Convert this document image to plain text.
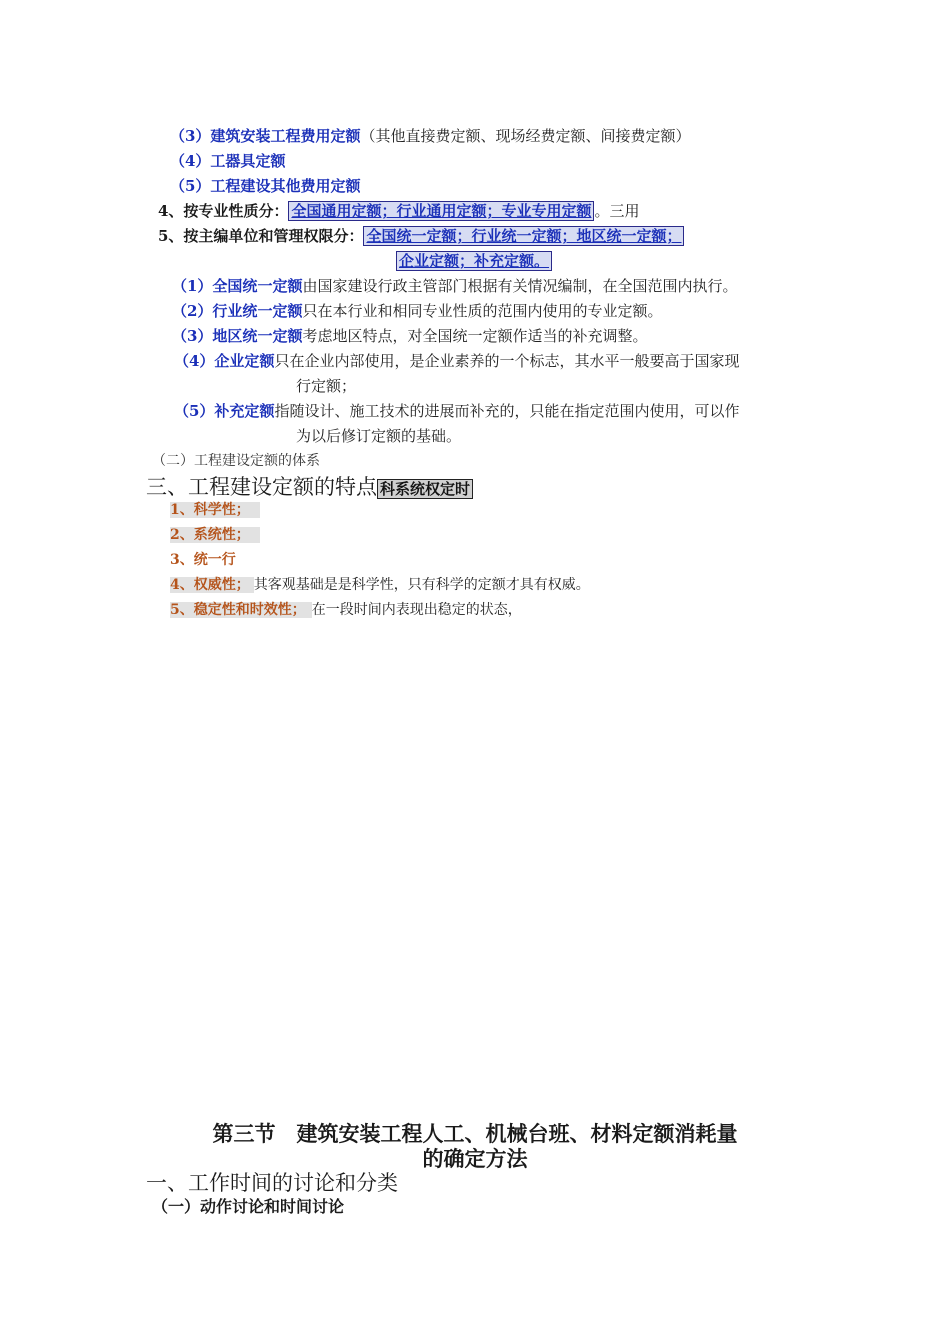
（3）建筑安装工程费用定额（其他直接费定额、现场经费定额、间接费定额）
（4）工器具定额
（5）工程建设其他费用定额
4、按专业性质分： 全国通用定额；行业通用定额；专业专用定额 。三用
5、按主编单位和管理权限分： 全国统一定额；行业统一定额；地区统一定额；
企业定额；补充定额。
（1）全国统一定额由国家建设行政主管部门根据有关情况编制，在全国范围内执行。
（2）行业统一定额只在本行业和相同专业性质的范围内使用的专业定额。
（3）地区统一定额考虑地区特点，对全国统一定额作适当的补充调整。
（4）企业定额只在企业内部使用，是企业素养的一个标志，其水平一般要高于国家现
行定额；
（5）补充定额指随设计、施工技术的进展而补充的，只能在指定范围内使用，可以作
为以后修订定额的基础。
（二）工程建设定额的体系
三、工程建设定额的特点 科系统权定时
1、科学性；
2、系统性；
3、统一行
4、权威性； 其客观基础是是科学性，只有科学的定额才具有权威。
5、稳定性和时效性； 在一段时间内表现出稳定的状态，
第三节　建筑安装工程人工、机械台班、材料定额消耗量
的确定方法
一、工作时间的讨论和分类
（一）动作讨论和时间讨论
